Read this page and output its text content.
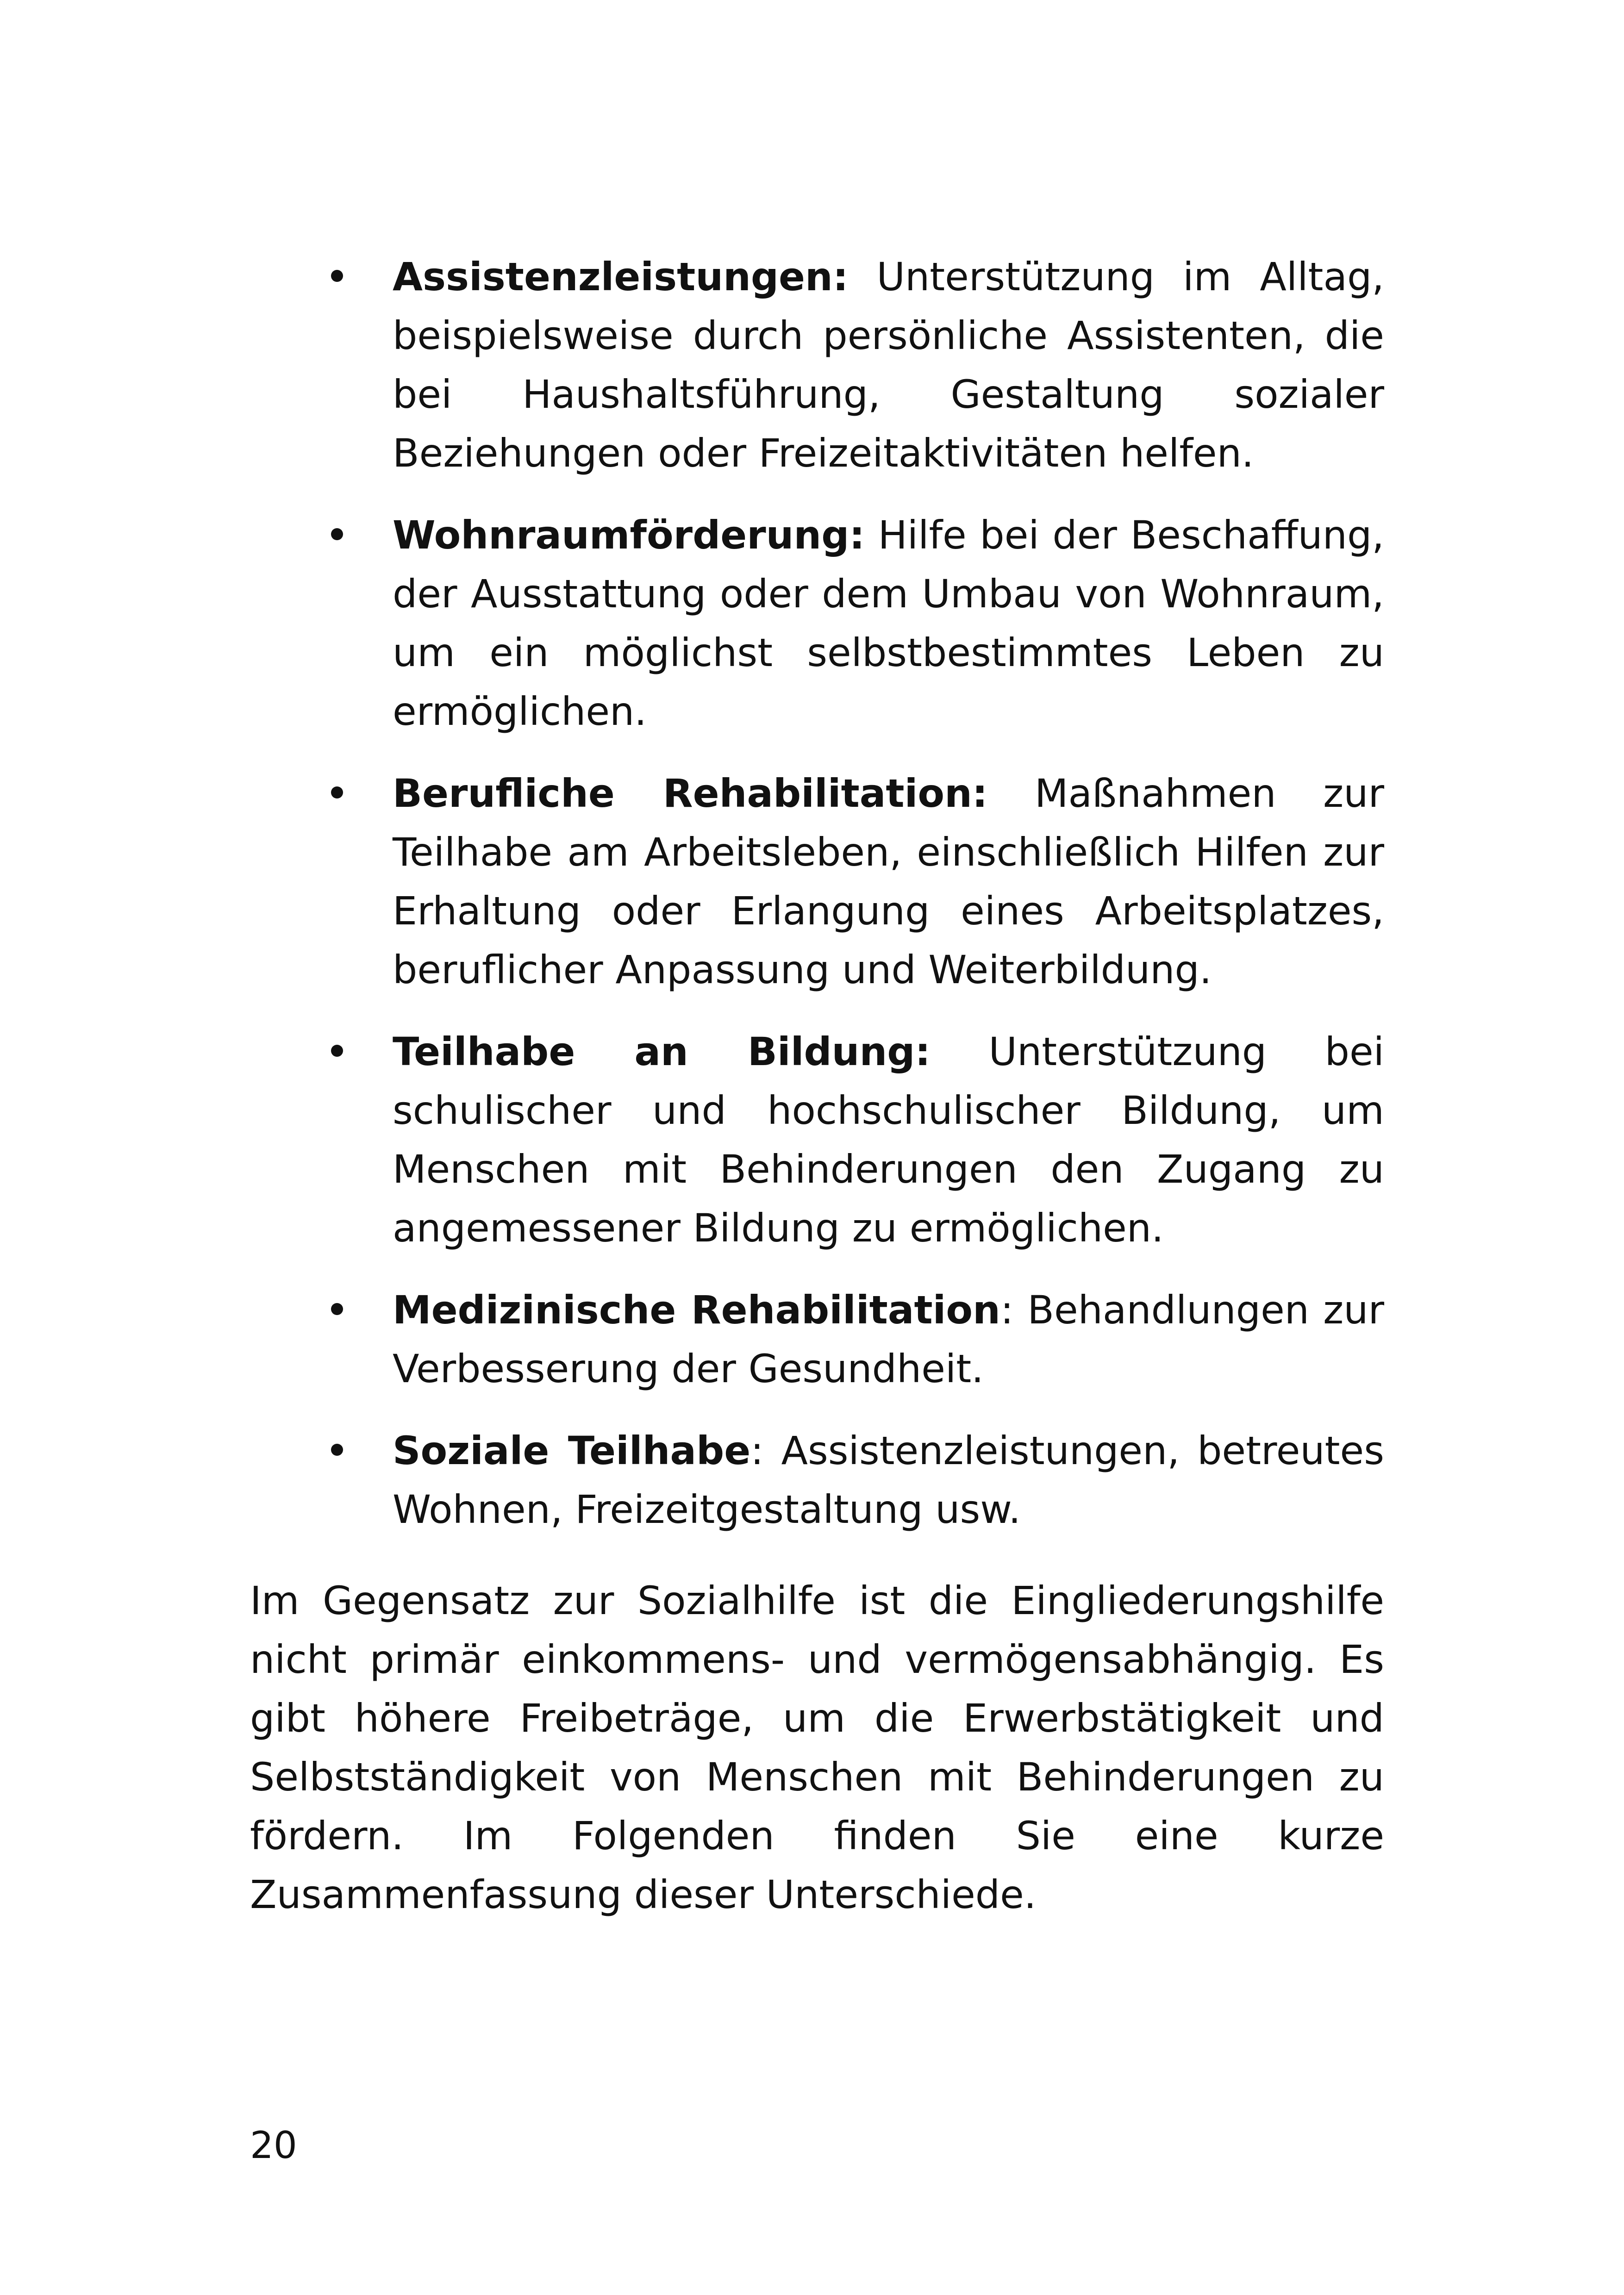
Assistenzleistungen: Unterstützung im Alltag, beispielsweise durch persönliche Assistenten, die bei Haushaltsführung, Gestaltung sozialer Beziehungen oder Freizeitaktivitäten helfen.
Wohnraumförderung: Hilfe bei der Beschaffung, der Ausstattung oder dem Umbau von Wohnraum, um ein möglichst selbstbestimmtes Leben zu ermöglichen.
Berufliche Rehabilitation: Maßnahmen zur Teilhabe am Arbeitsleben, einschließlich Hilfen zur Erhaltung oder Erlangung eines Arbeitsplatzes, beruflicher Anpassung und Weiterbildung.
Teilhabe an Bildung: Unterstützung bei schulischer und hochschulischer Bildung, um Menschen mit Behinderungen den Zugang zu angemessener Bildung zu ermöglichen.
Medizinische Rehabilitation: Behandlungen zur Verbesserung der Gesundheit.
Soziale Teilhabe: Assistenzleistungen, betreutes Wohnen, Freizeitgestaltung usw.

Im Gegensatz zur Sozialhilfe ist die Eingliederungshilfe nicht primär einkommens- und vermögensabhängig. Es gibt höhere Freibeträge, um die Erwerbstätigkeit und Selbstständigkeit von Menschen mit Behinderungen zu fördern. Im Folgenden finden Sie eine kurze Zusammenfassung dieser Unterschiede.

20
